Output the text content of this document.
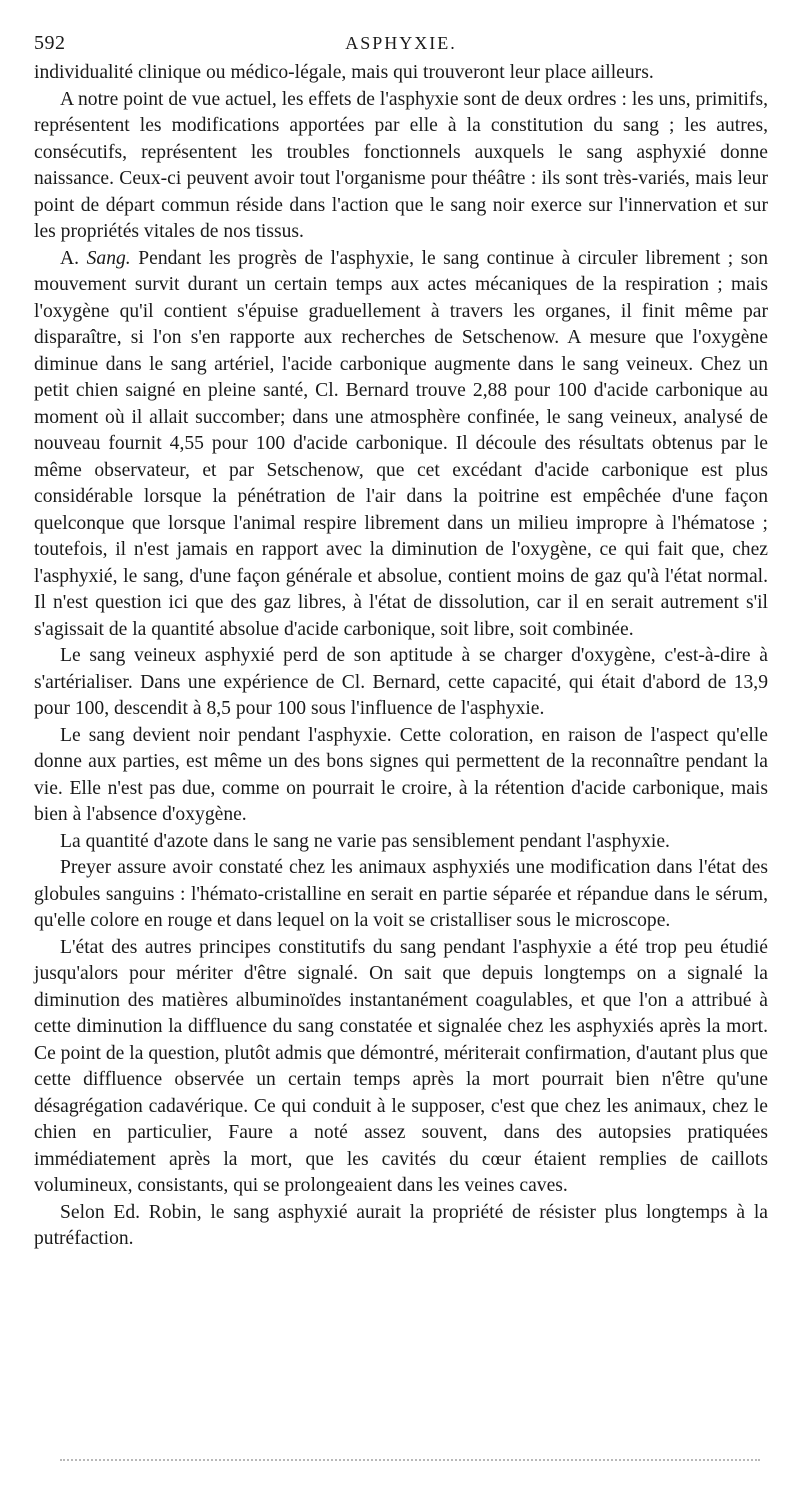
592	ASPHYXIE.

individualité clinique ou médico-légale, mais qui trouveront leur place ailleurs.

A notre point de vue actuel, les effets de l'asphyxie sont de deux ordres : les uns, primitifs, représentent les modifications apportées par elle à la constitution du sang ; les autres, consécutifs, représentent les troubles fonctionnels auxquels le sang asphyxié donne naissance. Ceux-ci peuvent avoir tout l'organisme pour théâtre : ils sont très-variés, mais leur point de départ commun réside dans l'action que le sang noir exerce sur l'innervation et sur les propriétés vitales de nos tissus.

A. Sang. Pendant les progrès de l'asphyxie, le sang continue à circuler librement ; son mouvement survit durant un certain temps aux actes mécaniques de la respiration ; mais l'oxygène qu'il contient s'épuise graduellement à travers les organes, il finit même par disparaître, si l'on s'en rapporte aux recherches de Setschenow. A mesure que l'oxygène diminue dans le sang artériel, l'acide carbonique augmente dans le sang veineux. Chez un petit chien saigné en pleine santé, Cl. Bernard trouve 2,88 pour 100 d'acide carbonique au moment où il allait succomber; dans une atmosphère confinée, le sang veineux, analysé de nouveau fournit 4,55 pour 100 d'acide carbonique. Il découle des résultats obtenus par le même observateur, et par Setschenow, que cet excédant d'acide carbonique est plus considérable lorsque la pénétration de l'air dans la poitrine est empêchée d'une façon quelconque que lorsque l'animal respire librement dans un milieu impropre à l'hématose ; toutefois, il n'est jamais en rapport avec la diminution de l'oxygène, ce qui fait que, chez l'asphyxié, le sang, d'une façon générale et absolue, contient moins de gaz qu'à l'état normal. Il n'est question ici que des gaz libres, à l'état de dissolution, car il en serait autrement s'il s'agissait de la quantité absolue d'acide carbonique, soit libre, soit combinée.

Le sang veineux asphyxié perd de son aptitude à se charger d'oxygène, c'est-à-dire à s'artérialiser. Dans une expérience de Cl. Bernard, cette capacité, qui était d'abord de 13,9 pour 100, descendit à 8,5 pour 100 sous l'influence de l'asphyxie.

Le sang devient noir pendant l'asphyxie. Cette coloration, en raison de l'aspect qu'elle donne aux parties, est même un des bons signes qui permettent de la reconnaître pendant la vie. Elle n'est pas due, comme on pourrait le croire, à la rétention d'acide carbonique, mais bien à l'absence d'oxygène.

La quantité d'azote dans le sang ne varie pas sensiblement pendant l'asphyxie.

Preyer assure avoir constaté chez les animaux asphyxiés une modification dans l'état des globules sanguins : l'hémato-cristalline en serait en partie séparée et répandue dans le sérum, qu'elle colore en rouge et dans lequel on la voit se cristalliser sous le microscope.

L'état des autres principes constitutifs du sang pendant l'asphyxie a été trop peu étudié jusqu'alors pour mériter d'être signalé. On sait que depuis longtemps on a signalé la diminution des matières albuminoïdes instantanément coagulables, et que l'on a attribué à cette diminution la diffluence du sang constatée et signalée chez les asphyxiés après la mort. Ce point de la question, plutôt admis que démontré, mériterait confirmation, d'autant plus que cette diffluence observée un certain temps après la mort pourrait bien n'être qu'une désagrégation cadavérique. Ce qui conduit à le supposer, c'est que chez les animaux, chez le chien en particulier, Faure a noté assez souvent, dans des autopsies pratiquées immédiatement après la mort, que les cavités du cœur étaient remplies de caillots volumineux, consistants, qui se prolongeaient dans les veines caves.

Selon Ed. Robin, le sang asphyxié aurait la propriété de résister plus longtemps à la putréfaction.
